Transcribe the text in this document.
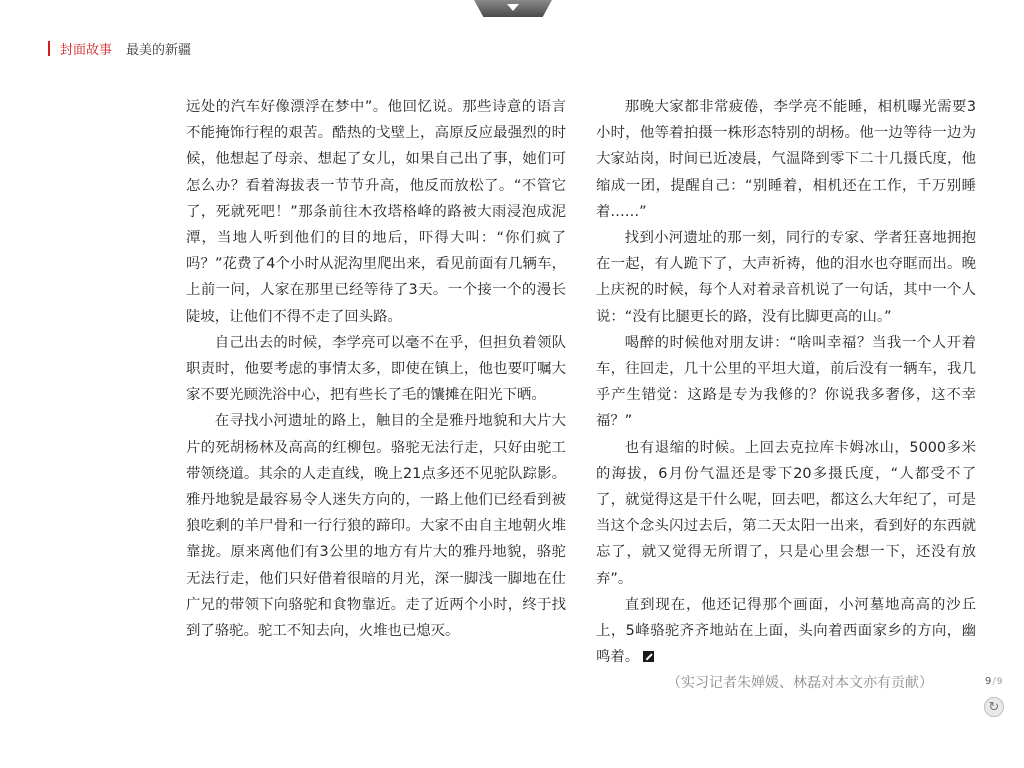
封面故事 最美的新疆

远处的汽车好像漂浮在梦中”。他回忆说。那些诗意的语言不能掩饰行程的艰苦。酷热的戈壁上，高原反应最强烈的时候，他想起了母亲、想起了女儿，如果自己出了事，她们可怎么办？看着海拔表一节节升高，他反而放松了。“不管它了，死就死吧！”那条前往木孜塔格峰的路被大雨浸泡成泥潭，当地人听到他们的目的地后，吓得大叫：“你们疯了吗？”花费了4个小时从泥沟里爬出来，看见前面有几辆车，上前一问，人家在那里已经等待了3天。一个接一个的漫长陡坡，让他们不得不走了回头路。

自己出去的时候，李学亮可以毫不在乎，但担负着领队职责时，他要考虑的事情太多，即使在镇上，他也要叮嘱大家不要光顾洗浴中心，把有些长了毛的馕摊在阳光下晒。

在寻找小河遗址的路上，触目的全是雅丹地貌和大片大片的死胡杨林及高高的红柳包。骆驼无法行走，只好由驼工带领绕道。其余的人走直线，晚上21点多还不见驼队踪影。雅丹地貌是最容易令人迷失方向的，一路上他们已经看到被狼吃剩的羊尸骨和一行行狼的蹄印。大家不由自主地朝火堆靠拢。原来离他们有3公里的地方有片大的雅丹地貌，骆驼无法行走，他们只好借着很暗的月光，深一脚浅一脚地在仕广兄的带领下向骆驼和食物靠近。走了近两个小时，终于找到了骆驼。驼工不知去向，火堆也已熄灭。

那晚大家都非常疲倦，李学亮不能睡，相机曝光需要3小时，他等着拍摄一株形态特别的胡杨。他一边等待一边为大家站岗，时间已近凌晨，气温降到零下二十几摄氏度，他缩成一团，提醒自己：“别睡着，相机还在工作，千万别睡着……”

找到小河遗址的那一刻，同行的专家、学者狂喜地拥抱在一起，有人跪下了，大声祈祷，他的泪水也夺眶而出。晚上庆祝的时候，每个人对着录音机说了一句话，其中一个人说：“没有比腿更长的路，没有比脚更高的山。”

喝醉的时候他对朋友讲：“啥叫幸福？当我一个人开着车，往回走，几十公里的平坦大道，前后没有一辆车，我几乎产生错觉：这路是专为我修的？你说我多奢侈，这不幸福？”

也有退缩的时候。上回去克拉库卡姆冰山，5000多米的海拔，6月份气温还是零下20多摄氏度，“人都受不了了，就觉得这是干什么呢，回去吧，都这么大年纪了，可是当这个念头闪过去后，第二天太阳一出来，看到好的东西就忘了，就又觉得无所谓了，只是心里会想一下，还没有放弃”。

直到现在，他还记得那个画面，小河墓地高高的沙丘上，5峰骆驼齐齐地站在上面，头向着西面家乡的方向，幽鸣着。

（实习记者朱婵媛、林磊对本文亦有贡献）	9/9
↻
